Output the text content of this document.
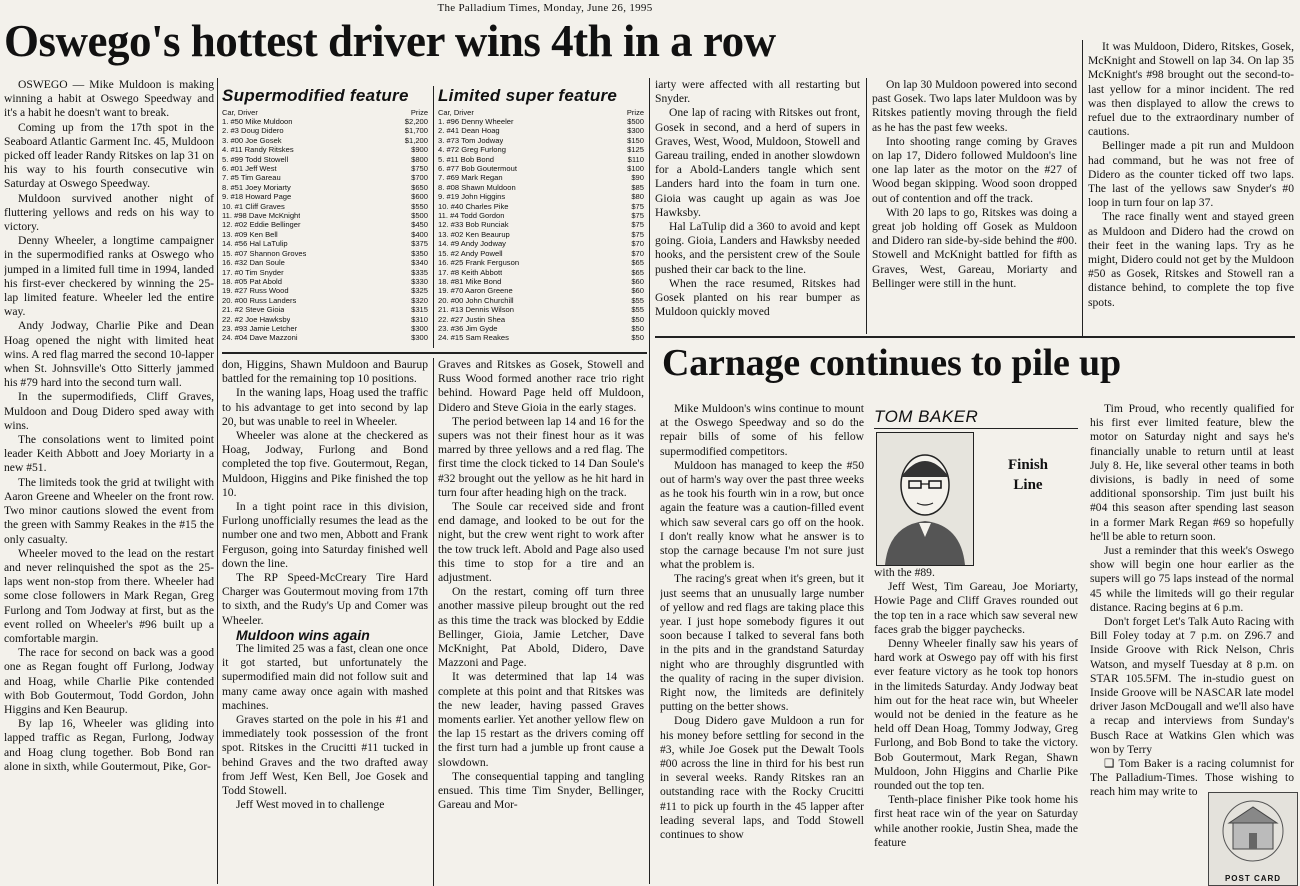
The Palladium Times, Monday, June 26, 1995
Oswego's hottest driver wins 4th in a row

OSWEGO — Mike Muldoon is making winning a habit at Oswego Speedway and it's a habit he doesn't want to break.

Coming up from the 17th spot in the Seaboard Atlantic Garment Inc. 45, Muldoon picked off leader Randy Ritskes on lap 31 on his way to his fourth consecutive win Saturday at Oswego Speedway.

Muldoon survived another night of fluttering yellows and reds on his way to victory.

Denny Wheeler, a longtime campaigner in the supermodified ranks at Oswego who jumped in a limited full time in 1994, landed his first-ever checkered by winning the 25-lap limited feature. Wheeler led the entire way.

Andy Jodway, Charlie Pike and Dean Hoag opened the night with limited heat wins. A red flag marred the second 10-lapper when St. Johnsville's Otto Sitterly jammed his #79 hard into the second turn wall.

In the supermodifieds, Cliff Graves, Muldoon and Doug Didero sped away with wins.

The consolations went to limited point leader Keith Abbott and Joey Moriarty in a new #51.

The limiteds took the grid at twilight with Aaron Greene and Wheeler on the front row. Two minor cautions slowed the event from the green with Sammy Reakes in the #15 the only casualty.

Wheeler moved to the lead on the restart and never relinquished the spot as the 25-laps went non-stop from there. Wheeler had some close followers in Mark Regan, Greg Furlong and Tom Jodway at first, but as the event rolled on Wheeler's #96 built up a comfortable margin.

The race for second on back was a good one as Regan fought off Furlong, Jodway and Hoag, while Charlie Pike contended with Bob Goutermout, Todd Gordon, John Higgins and Ken Beaurup.

By lap 16, Wheeler was gliding into lapped traffic as Regan, Furlong, Jodway and Hoag clung together. Bob Bond ran alone in sixth, while Goutermout, Pike, Gor-

Supermodified feature
Car, Driver	Prize
1. #50 Mike Muldoon	$2,200
2. #3 Doug Didero	$1,700
3. #00 Joe Gosek	$1,200
4. #11 Randy Ritskes	$900
5. #99 Todd Stowell	$800
6. #01 Jeff West	$750
7. #5 Tim Gareau	$700
8. #51 Joey Moriarty	$650
9. #18 Howard Page	$600
10. #1 Cliff Graves	$550
11. #98 Dave McKnight	$500
12. #02 Eddie Bellinger	$450
13. #09 Ken Bell	$400
14. #56 Hal LaTulip	$375
15. #07 Shannon Groves	$350
16. #32 Dan Soule	$340
17. #0 Tim Snyder	$335
18. #05 Pat Abold	$330
19. #27 Russ Wood	$325
20. #00 Russ Landers	$320
21. #2 Steve Gioia	$315
22. #2 Joe Hawksby	$310
23. #93 Jamie Letcher	$300
24. #04 Dave Mazzoni	$300
Limited super feature
Car, Driver	Prize
1. #96 Denny Wheeler	$500
2. #41 Dean Hoag	$300
3. #73 Tom Jodway	$150
4. #72 Greg Furlong	$125
5. #11 Bob Bond	$110
6. #77 Bob Goutermout	$100
7. #69 Mark Regan	$90
8. #08 Shawn Muldoon	$85
9. #19 John Higgins	$80
10. #40 Charles Pike	$75
11. #4 Todd Gordon	$75
12. #33 Bob Runciak	$75
13. #02 Ken Beaurup	$75
14. #9 Andy Jodway	$70
15. #2 Andy Powell	$70
16. #25 Frank Ferguson	$65
17. #8 Keith Abbott	$65
18. #81 Mike Bond	$60
19. #70 Aaron Greene	$60
20. #00 John Churchill	$55
21. #13 Dennis Wilson	$55
22. #27 Justin Shea	$50
23. #36 Jim Gyde	$50
24. #15 Sam Reakes	$50

don, Higgins, Shawn Muldoon and Baurup battled for the remaining top 10 positions.

In the waning laps, Hoag used the traffic to his advantage to get into second by lap 20, but was unable to reel in Wheeler.

Wheeler was alone at the checkered as Hoag, Jodway, Furlong and Bond completed the top five. Goutermout, Regan, Muldoon, Higgins and Pike finished the top 10.

In a tight point race in this division, Furlong unofficially resumes the lead as the number one and two men, Abbott and Frank Ferguson, going into Saturday finished well down the line.

The RP Speed-McCreary Tire Hard Charger was Goutermout moving from 17th to sixth, and the Rudy's Up and Comer was Wheeler.

Muldoon wins again

The limited 25 was a fast, clean one once it got started, but unfortunately the supermodified main did not follow suit and many came away once again with mashed machines.

Graves started on the pole in his #1 and immediately took possession of the front spot. Ritskes in the Crucitti #11 tucked in behind Graves and the two drafted away from Jeff West, Ken Bell, Joe Gosek and Todd Stowell.

Jeff West moved in to challenge

Graves and Ritskes as Gosek, Stowell and Russ Wood formed another race trio right behind. Howard Page held off Muldoon, Didero and Steve Gioia in the early stages.

The period between lap 14 and 16 for the supers was not their finest hour as it was marred by three yellows and a red flag. The first time the clock ticked to 14 Dan Soule's #32 brought out the yellow as he hit hard in turn four after heading high on the track.

The Soule car received side and front end damage, and looked to be out for the night, but the crew went right to work after the tow truck left. Abold and Page also used this time to stop for a tire and an adjustment.

On the restart, coming off turn three another massive pileup brought out the red as this time the track was blocked by Eddie Bellinger, Gioia, Jamie Letcher, Dave McKnight, Pat Abold, Didero, Dave Mazzoni and Page.

It was determined that lap 14 was complete at this point and that Ritskes was the new leader, having passed Graves moments earlier. Yet another yellow flew on the lap 15 restart as the drivers coming off the first turn had a jumble up front cause a slowdown.

The consequential tapping and tangling ensued. This time Tim Snyder, Bellinger, Gareau and Mor-

iarty were affected with all restarting but Snyder.

One lap of racing with Ritskes out front, Gosek in second, and a herd of supers in Graves, West, Wood, Muldoon, Stowell and Gareau trailing, ended in another slowdown for a Abold-Landers tangle which sent Landers hard into the foam in turn one. Gioia was caught up again as was Joe Hawksby.

Hal LaTulip did a 360 to avoid and kept going. Gioia, Landers and Hawksby needed hooks, and the persistent crew of the Soule pushed their car back to the line.

When the race resumed, Ritskes had Gosek planted on his rear bumper as Muldoon quickly moved

On lap 30 Muldoon powered into second past Gosek. Two laps later Muldoon was by Ritskes patiently moving through the field as he has the past few weeks.

Into shooting range coming by Graves on lap 17, Didero followed Muldoon's line one lap later as the motor on the #27 of Wood began skipping. Wood soon dropped out of contention and off the track.

With 20 laps to go, Ritskes was doing a great job holding off Gosek as Muldoon and Didero ran side-by-side behind the #00. Stowell and McKnight battled for fifth as Graves, West, Gareau, Moriarty and Bellinger were still in the hunt.

It was Muldoon, Didero, Ritskes, Gosek, McKnight and Stowell on lap 34. On lap 35 McKnight's #98 brought out the second-to-last yellow for a minor incident. The red was then displayed to allow the crews to refuel due to the extraordinary number of cautions.

Bellinger made a pit run and Muldoon had command, but he was not free of Didero as the counter ticked off two laps. The last of the yellows saw Snyder's #0 loop in turn four on lap 37.

The race finally went and stayed green as Muldoon and Didero had the crowd on their feet in the waning laps. Try as he might, Didero could not get by the Muldoon #50 as Gosek, Ritskes and Stowell ran a distance behind, to complete the top five spots.

Carnage continues to pile up

Mike Muldoon's wins continue to mount at the Oswego Speedway and so do the repair bills of some of his fellow supermodified competitors.

Muldoon has managed to keep the #50 out of harm's way over the past three weeks as he took his fourth win in a row, but once again the feature was a caution-filled event which saw several cars go off on the hook. I don't really know what he answer is to stop the carnage because I'm not sure just what the problem is.

The racing's great when it's green, but it just seems that an unusually large number of yellow and red flags are taking place this year. I just hope somebody figures it out soon because I talked to several fans both in the pits and in the grandstand Saturday night who are throughly disgruntled with the quality of racing in the super division. Right now, the limiteds are definitely putting on the better shows.

Doug Didero gave Muldoon a run for his money before settling for second in the #3, while Joe Gosek put the Dewalt Tools #00 across the line in third for his best run in several weeks. Randy Ritskes ran an outstanding race with the Rocky Crucitti #11 to pick up fourth in the 45 lapper after leading several laps, and Todd Stowell continues to show

TOM BAKER
Finish
Line

with the #89.

Jeff West, Tim Gareau, Joe Moriarty, Howie Page and Cliff Graves rounded out the top ten in a race which saw several new faces grab the bigger paychecks.

Denny Wheeler finally saw his years of hard work at Oswego pay off with his first ever feature victory as he took top honors in the limiteds Saturday. Andy Jodway beat him out for the heat race win, but Wheeler would not be denied in the feature as he held off Dean Hoag, Tommy Jodway, Greg Furlong, and Bob Bond to take the victory. Bob Goutermout, Mark Regan, Shawn Muldoon, John Higgins and Charlie Pike rounded out the top ten.

Tenth-place finisher Pike took home his first heat race win of the year on Saturday while another rookie, Justin Shea, made the feature

Tim Proud, who recently qualified for his first ever limited feature, blew the motor on Saturday night and says he's financially unable to return until at least July 8. He, like several other teams in both divisions, is badly in need of some additional sponsorship. Tim just built his #04 this season after spending last season in a former Mark Regan #69 so hopefully he'll be able to return soon.

Just a reminder that this week's Oswego show will begin one hour earlier as the supers will go 75 laps instead of the normal 45 while the limiteds will go their regular distance. Racing begins at 6 p.m.

Don't forget Let's Talk Auto Racing with Bill Foley today at 7 p.m. on Z96.7 and Inside Groove with Rick Nelson, Chris Watson, and myself Tuesday at 8 p.m. on STAR 105.5FM. The in-studio guest on Inside Groove will be NASCAR late model driver Jason McDougall and we'll also have a recap and interviews from Sunday's Busch Race at Watkins Glen which was won by Terry

❑ Tom Baker is a racing columnist for The Palladium-Times. Those wishing to reach him may write to

POST CARD
